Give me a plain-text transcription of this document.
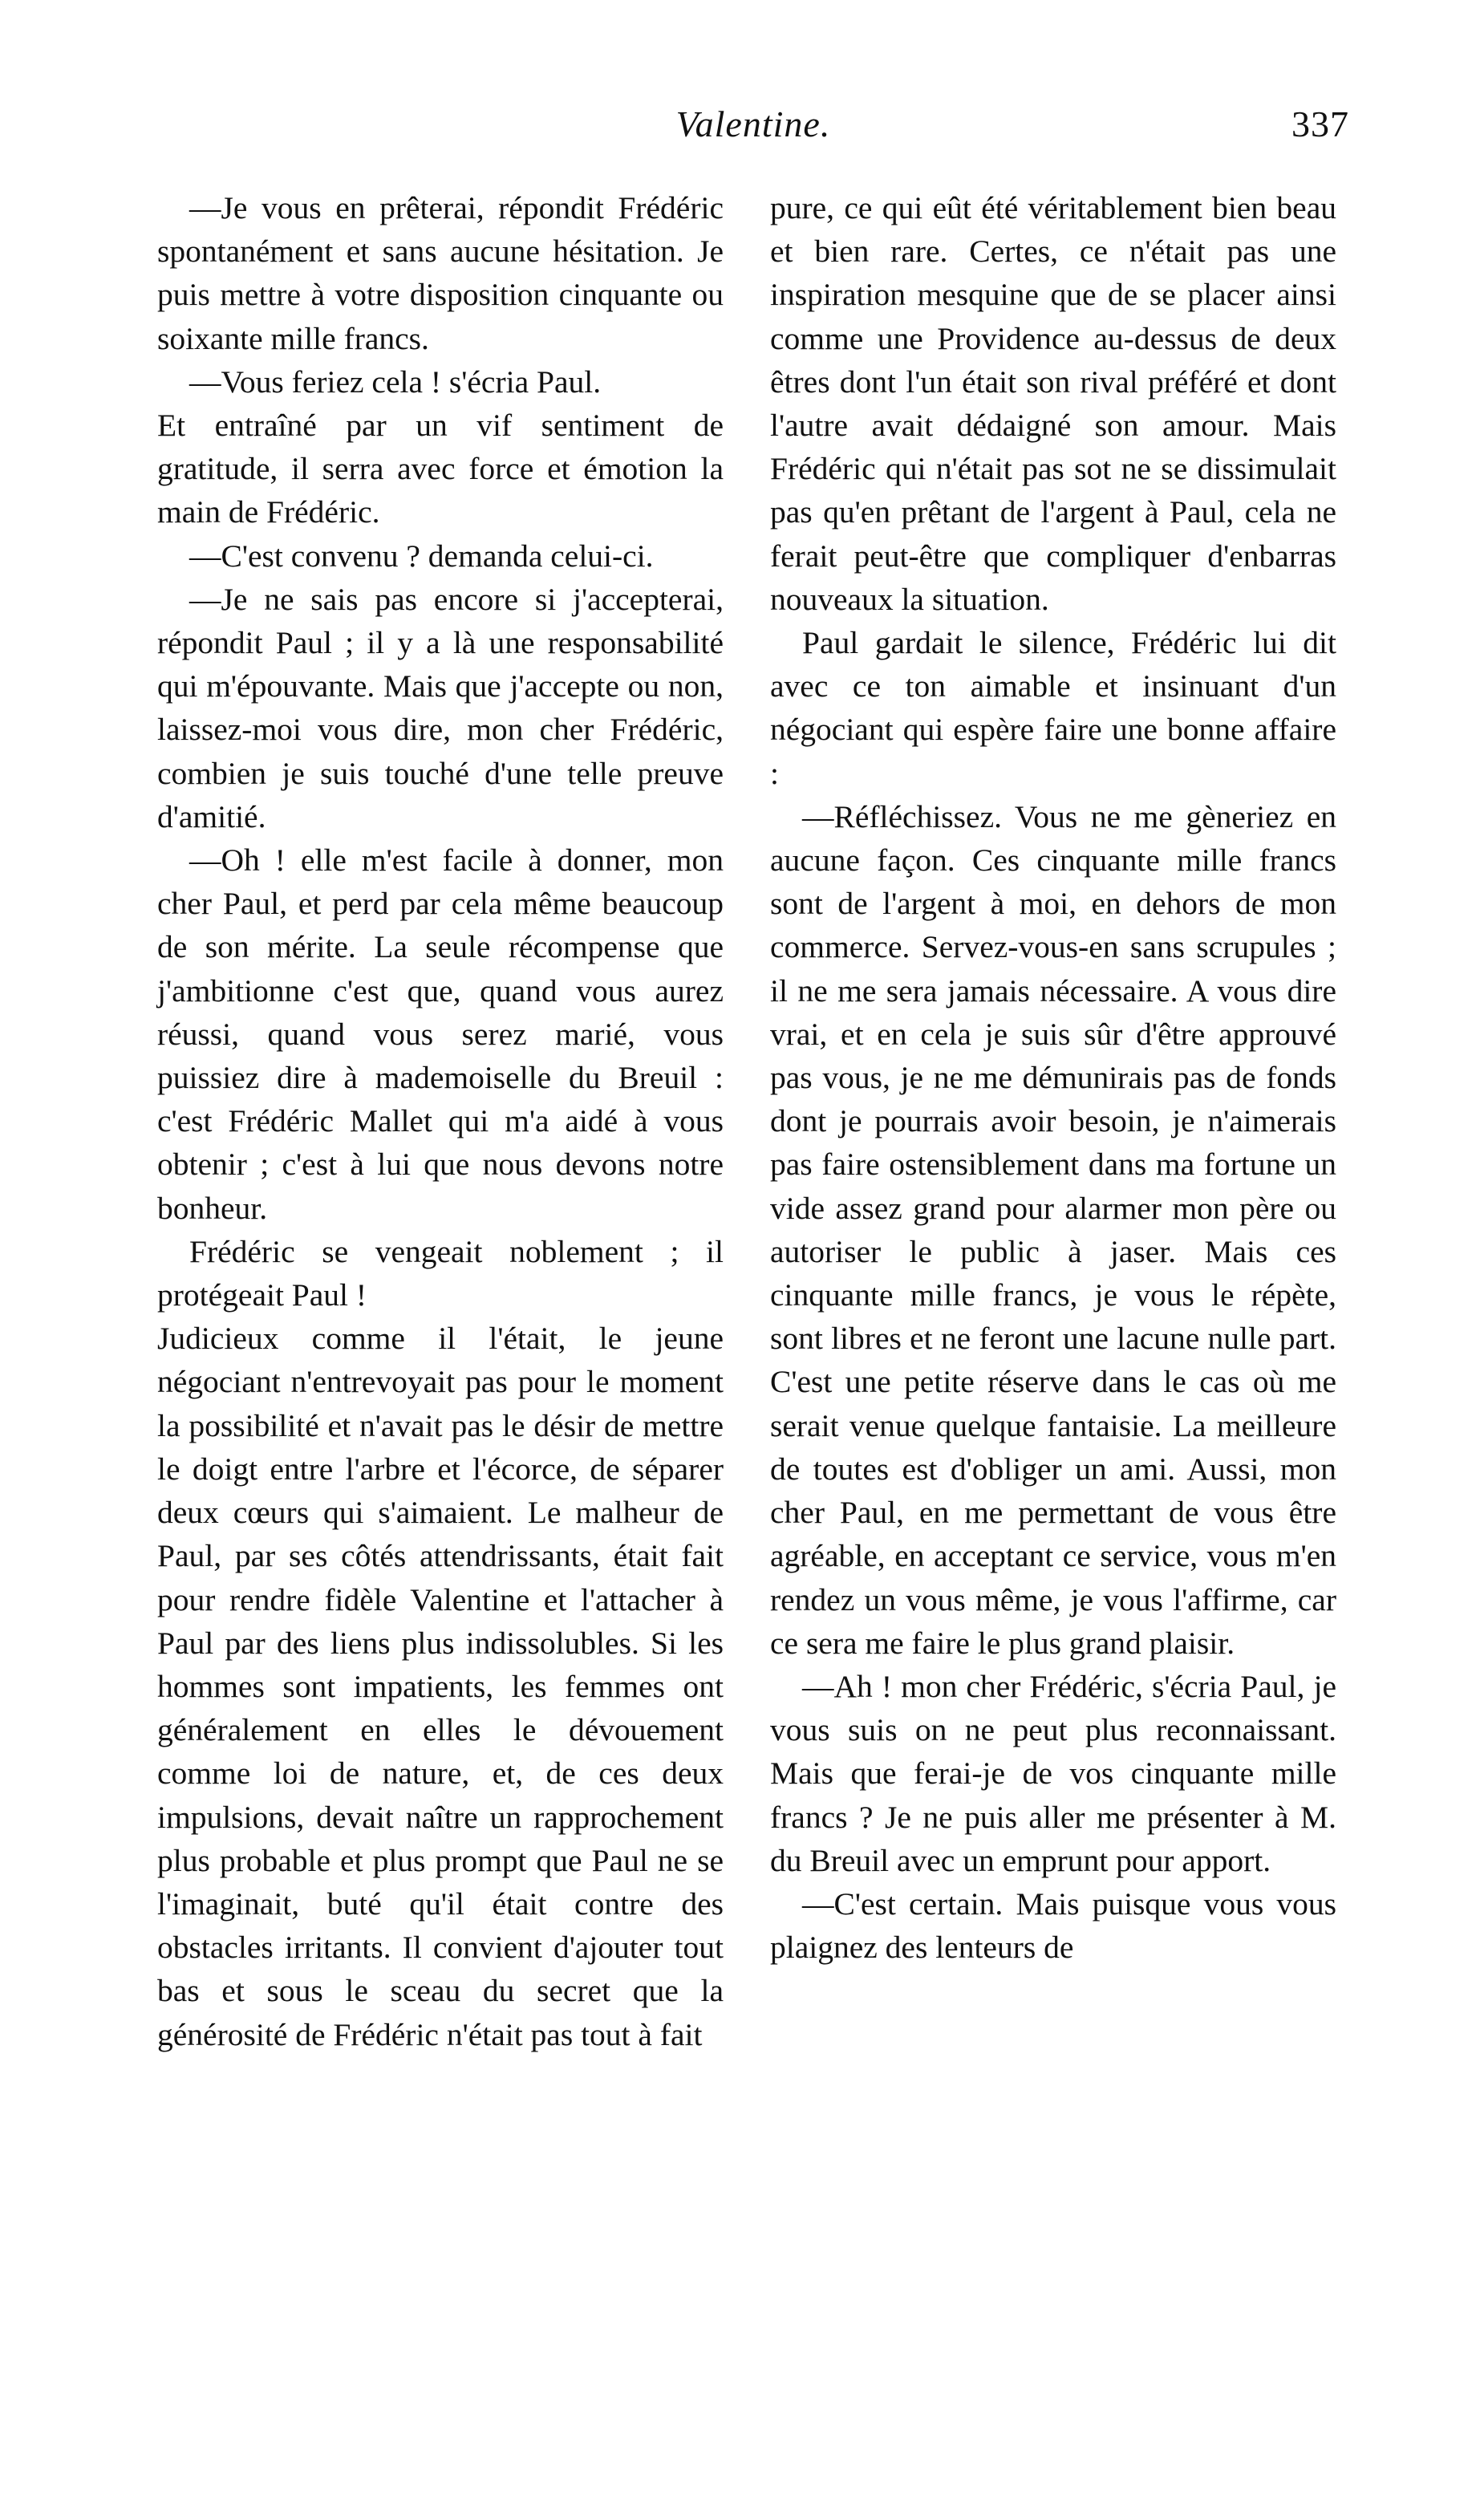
Valentine.	337

—Je vous en prêterai, répondit Frédéric spontanément et sans aucune hésitation. Je puis mettre à votre disposition cinquante ou soixante mille francs.

—Vous feriez cela ! s'écria Paul.

Et entraîné par un vif sentiment de gratitude, il serra avec force et émotion la main de Frédéric.

—C'est convenu ? demanda celui-ci.

—Je ne sais pas encore si j'accepterai, répondit Paul ; il y a là une responsabilité qui m'épouvante. Mais que j'accepte ou non, laissez-moi vous dire, mon cher Frédéric, combien je suis touché d'une telle preuve d'amitié.

—Oh ! elle m'est facile à donner, mon cher Paul, et perd par cela même beaucoup de son mérite. La seule récompense que j'ambitionne c'est que, quand vous aurez réussi, quand vous serez marié, vous puissiez dire à mademoiselle du Breuil : c'est Frédéric Mallet qui m'a aidé à vous obtenir ; c'est à lui que nous devons notre bonheur.

Frédéric se vengeait noblement ; il protégeait Paul !

Judicieux comme il l'était, le jeune négociant n'entrevoyait pas pour le moment la possibilité et n'avait pas le désir de mettre le doigt entre l'arbre et l'écorce, de séparer deux cœurs qui s'aimaient. Le malheur de Paul, par ses côtés attendrissants, était fait pour rendre fidèle Valentine et l'attacher à Paul par des liens plus indissolubles. Si les hommes sont impatients, les femmes ont généralement en elles le dévouement comme loi de nature, et, de ces deux impulsions, devait naître un rapprochement plus probable et plus prompt que Paul ne se l'imaginait, buté qu'il était contre des obstacles irritants. Il convient d'ajouter tout bas et sous le sceau du secret que la générosité de Frédéric n'était pas tout à fait

pure, ce qui eût été véritablement bien beau et bien rare. Certes, ce n'était pas une inspiration mesquine que de se placer ainsi comme une Providence au-dessus de deux êtres dont l'un était son rival préféré et dont l'autre avait dédaigné son amour. Mais Frédéric qui n'était pas sot ne se dissimulait pas qu'en prêtant de l'argent à Paul, cela ne ferait peut-être que compliquer d'enbarras nouveaux la situation.

Paul gardait le silence, Frédéric lui dit avec ce ton aimable et insinuant d'un négociant qui espère faire une bonne affaire :

—Réfléchissez. Vous ne me gèneriez en aucune façon. Ces cinquante mille francs sont de l'argent à moi, en dehors de mon commerce. Servez-vous-en sans scrupules ; il ne me sera jamais nécessaire. A vous dire vrai, et en cela je suis sûr d'être approuvé pas vous, je ne me démunirais pas de fonds dont je pourrais avoir besoin, je n'aimerais pas faire ostensiblement dans ma fortune un vide assez grand pour alarmer mon père ou autoriser le public à jaser. Mais ces cinquante mille francs, je vous le répète, sont libres et ne feront une lacune nulle part. C'est une petite réserve dans le cas où me serait venue quelque fantaisie. La meilleure de toutes est d'obliger un ami. Aussi, mon cher Paul, en me permettant de vous être agréable, en acceptant ce service, vous m'en rendez un vous même, je vous l'affirme, car ce sera me faire le plus grand plaisir.

—Ah ! mon cher Frédéric, s'écria Paul, je vous suis on ne peut plus reconnaissant. Mais que ferai-je de vos cinquante mille francs ? Je ne puis aller me présenter à M. du Breuil avec un emprunt pour apport.

—C'est certain. Mais puisque vous vous plaignez des lenteurs de
